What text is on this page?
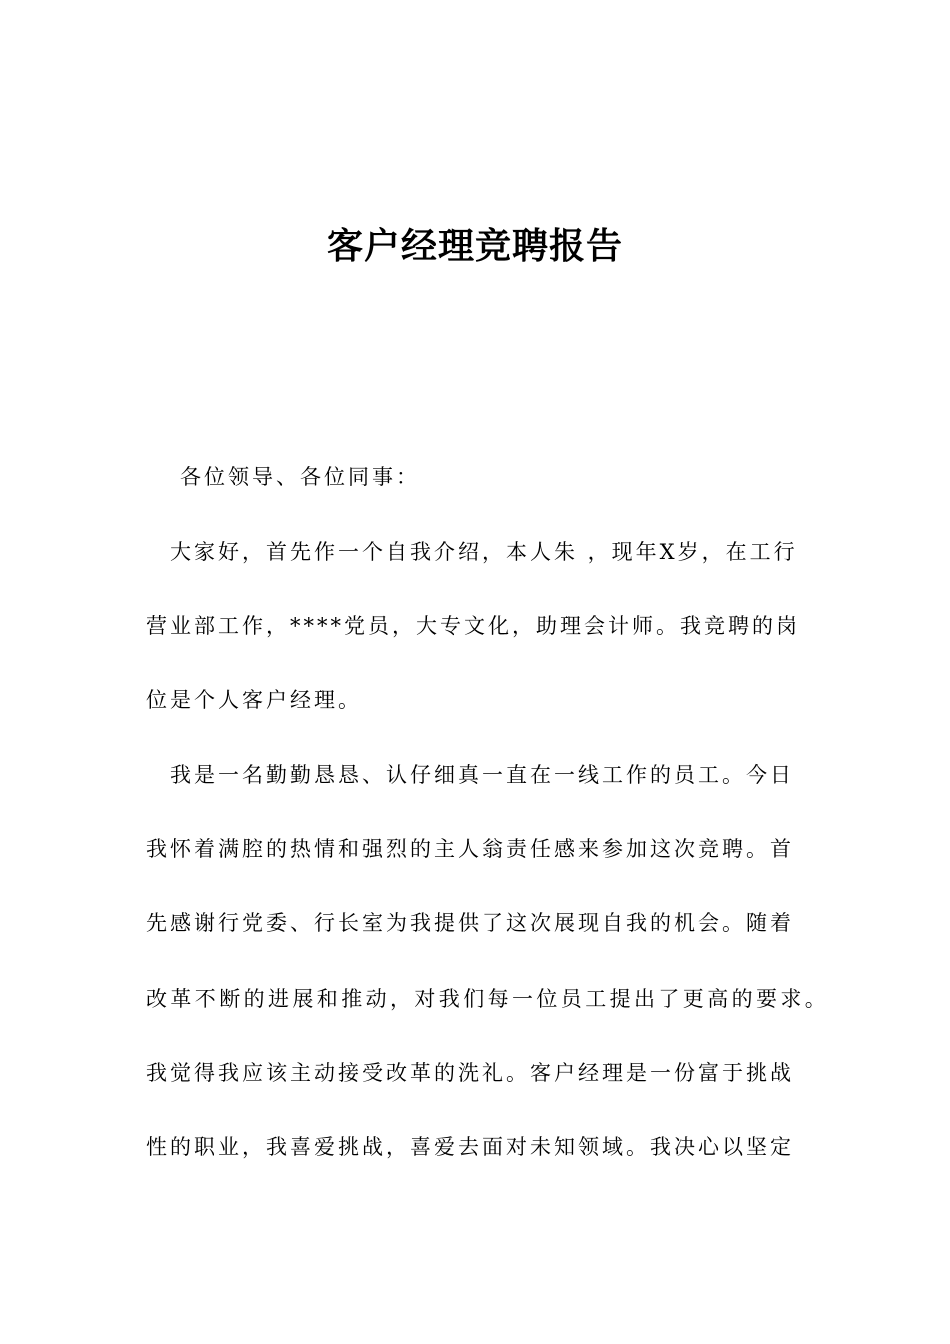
客户经理竞聘报告
各位领导、各位同事：
大家好，首先作一个自我介绍，本人朱 ，现年X岁，在工行
营业部工作，****党员，大专文化，助理会计师。我竞聘的岗
位是个人客户经理。
我是一名勤勤恳恳、认仔细真一直在一线工作的员工。今日
我怀着满腔的热情和强烈的主人翁责任感来参加这次竞聘。首
先感谢行党委、行长室为我提供了这次展现自我的机会。随着
改革不断的进展和推动，对我们每一位员工提出了更高的要求。
我觉得我应该主动接受改革的洗礼。客户经理是一份富于挑战
性的职业，我喜爱挑战，喜爱去面对未知领域。我决心以坚定
